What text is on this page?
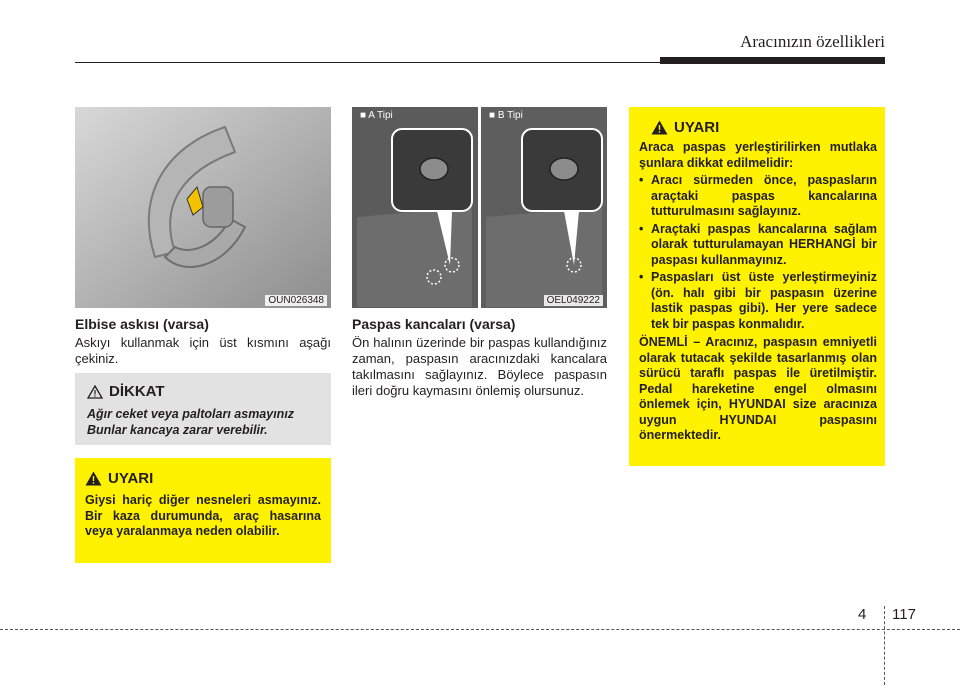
Aracınızın özellikleri
OUN026348
Elbise askısı (varsa)
Askıyı kullanmak için üst kısmını aşağı çekiniz.
DİKKAT
Ağır ceket veya paltoları asmayınız Bunlar kancaya zarar verebilir.
UYARI
Giysi hariç diğer nesneleri asmayınız. Bir kaza durumunda, araç hasarına veya yaralanmaya neden olabilir.
■ A Tipi	■ B Tipi
OEL049222
Paspas kancaları (varsa)
Ön halının üzerinde bir paspas kullandığınız zaman, paspasın aracınızdaki kancalara takılmasını sağlayınız. Böylece paspasın ileri doğru kaymasını önlemiş olursunuz.
UYARI
Araca paspas yerleştirilirken mutlaka şunlara dikkat edilmelidir:
• Aracı sürmeden önce, paspasların araçtaki paspas kancalarına tutturulmasını sağlayınız.
• Araçtaki paspas kancalarına sağlam olarak tutturulamayan HERHANGİ bir paspası kullanmayınız.
• Paspasları üst üste yerleştirmeyiniz (ön. halı gibi bir paspasın üzerine lastik paspas gibi). Her yere sadece tek bir paspas konmalıdır.
ÖNEMLİ – Aracınız, paspasın emniyetli olarak tutacak şekilde tasarlanmış olan sürücü taraflı paspas ile üretilmiştir. Pedal hareketine engel olmasını önlemek için, HYUNDAI size aracınıza uygun HYUNDAI paspasını önermektedir.
4 117
